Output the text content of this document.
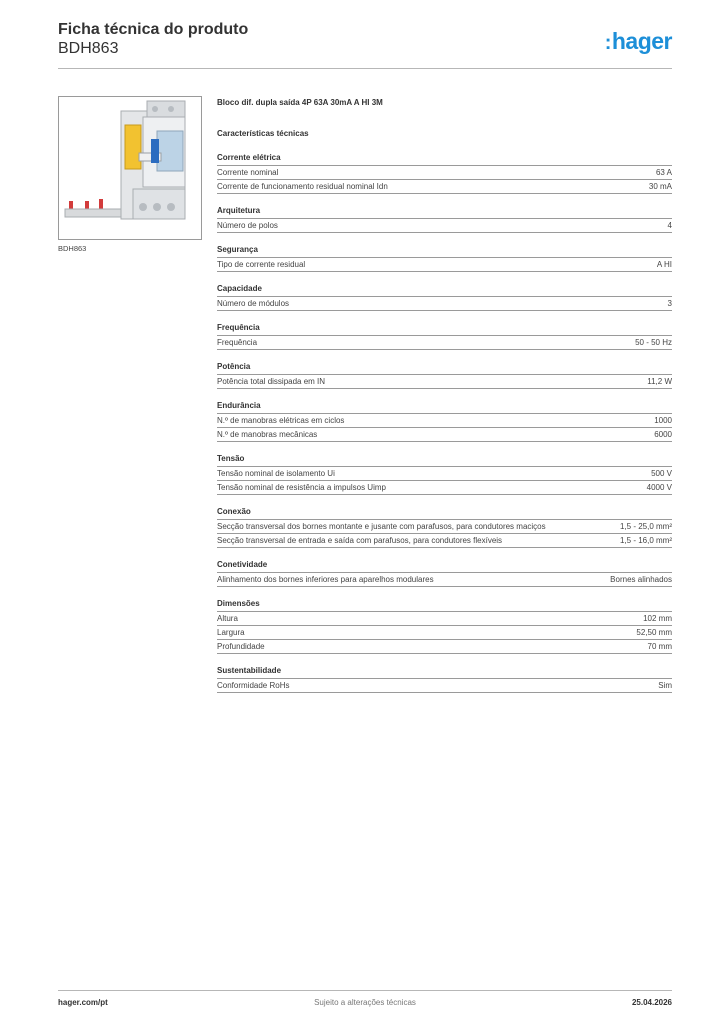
Ficha técnica do produto

BDH863	:hager
BDH863
Bloco dif. dupla saída 4P 63A 30mA A HI 3M
Características técnicas
Corrente elétrica
Corrente nominal	63 A
Corrente de funcionamento residual nominal Idn	30 mA
Arquitetura
Número de polos	4
Segurança
Tipo de corrente residual	A HI
Capacidade
Número de módulos	3
Frequência
Frequência	50 - 50 Hz
Potência
Potência total dissipada em IN	11,2 W
Endurância
N.º de manobras elétricas em ciclos	1000
N.º de manobras mecânicas	6000
Tensão
Tensão nominal de isolamento Ui	500 V
Tensão nominal de resistência a impulsos Uimp	4000 V
Conexão
Secção transversal dos bornes montante e jusante com parafusos, para condutores maciços	1,5 - 25,0 mm²
Secção transversal de entrada e saída com parafusos, para condutores flexíveis	1,5 - 16,0 mm²
Conetividade
Alinhamento dos bornes inferiores para aparelhos modulares	Bornes alinhados
Dimensões
Altura	102 mm
Largura	52,50 mm
Profundidade	70 mm
Sustentabilidade
Conformidade RoHs	Sim
hager.com/pt	Sujeito a alterações técnicas	25.04.2026
